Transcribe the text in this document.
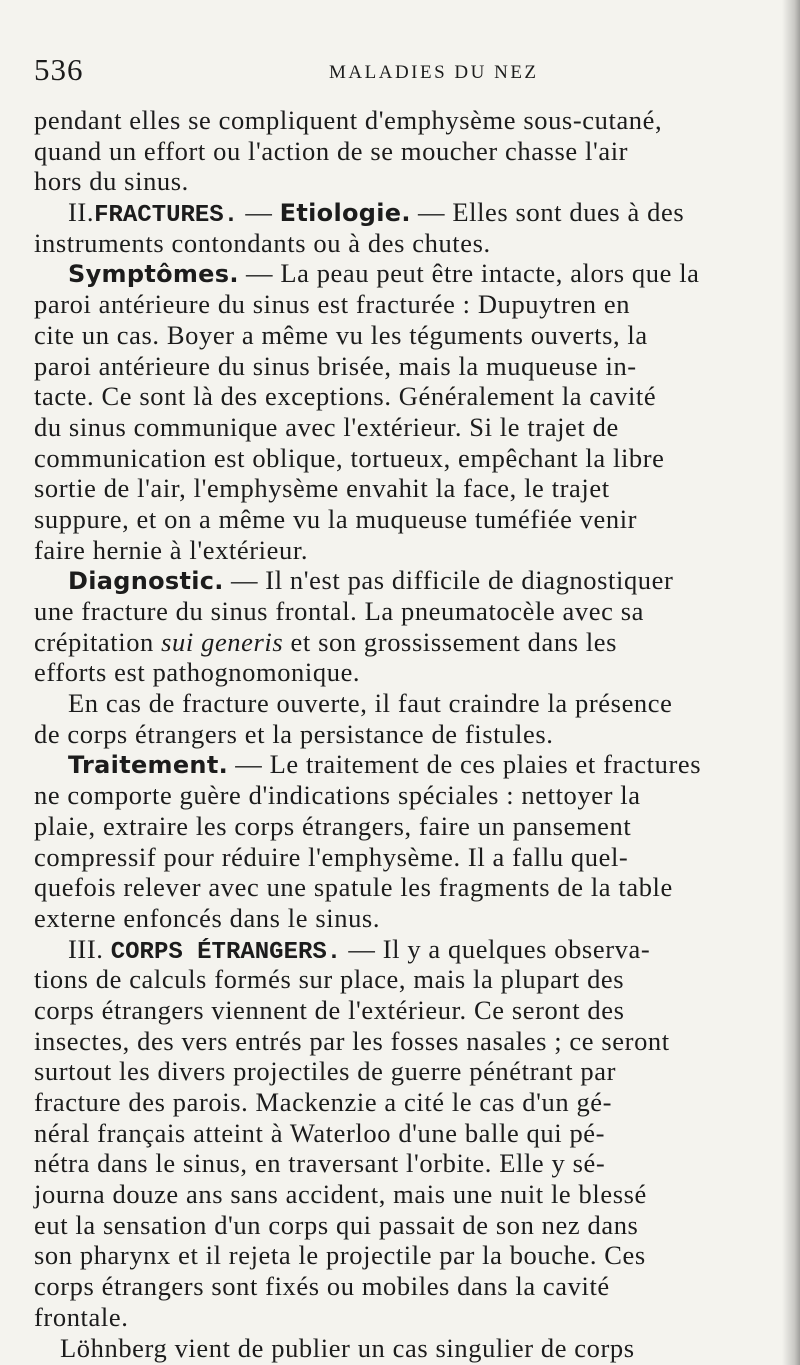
536	MALADIES DU NEZ
pendant elles se compliquent d'emphysème sous-cutané,
quand un effort ou l'action de se moucher chasse l'air
hors du sinus.
II.FRACTURES. — Etiologie. — Elles sont dues à des
instruments contondants ou à des chutes.
Symptômes. — La peau peut être intacte, alors que la
paroi antérieure du sinus est fracturée : Dupuytren en
cite un cas. Boyer a même vu les téguments ouverts, la
paroi antérieure du sinus brisée, mais la muqueuse in-
tacte. Ce sont là des exceptions. Généralement la cavité
du sinus communique avec l'extérieur. Si le trajet de
communication est oblique, tortueux, empêchant la libre
sortie de l'air, l'emphysème envahit la face, le trajet
suppure, et on a même vu la muqueuse tuméfiée venir
faire hernie à l'extérieur.
Diagnostic. — Il n'est pas difficile de diagnostiquer
une fracture du sinus frontal. La pneumatocèle avec sa
crépitation sui generis et son grossissement dans les
efforts est pathognomonique.
En cas de fracture ouverte, il faut craindre la présence
de corps étrangers et la persistance de fistules.
Traitement. — Le traitement de ces plaies et fractures
ne comporte guère d'indications spéciales : nettoyer la
plaie, extraire les corps étrangers, faire un pansement
compressif pour réduire l'emphysème. Il a fallu quel-
quefois relever avec une spatule les fragments de la table
externe enfoncés dans le sinus.
III. CORPS ÉTRANGERS. — Il y a quelques observa-
tions de calculs formés sur place, mais la plupart des
corps étrangers viennent de l'extérieur. Ce seront des
insectes, des vers entrés par les fosses nasales ; ce seront
surtout les divers projectiles de guerre pénétrant par
fracture des parois. Mackenzie a cité le cas d'un gé-
néral français atteint à Waterloo d'une balle qui pé-
nétra dans le sinus, en traversant l'orbite. Elle y sé-
journa douze ans sans accident, mais une nuit le blessé
eut la sensation d'un corps qui passait de son nez dans
son pharynx et il rejeta le projectile par la bouche. Ces
corps étrangers sont fixés ou mobiles dans la cavité
frontale.
Löhnberg vient de publier un cas singulier de corps
